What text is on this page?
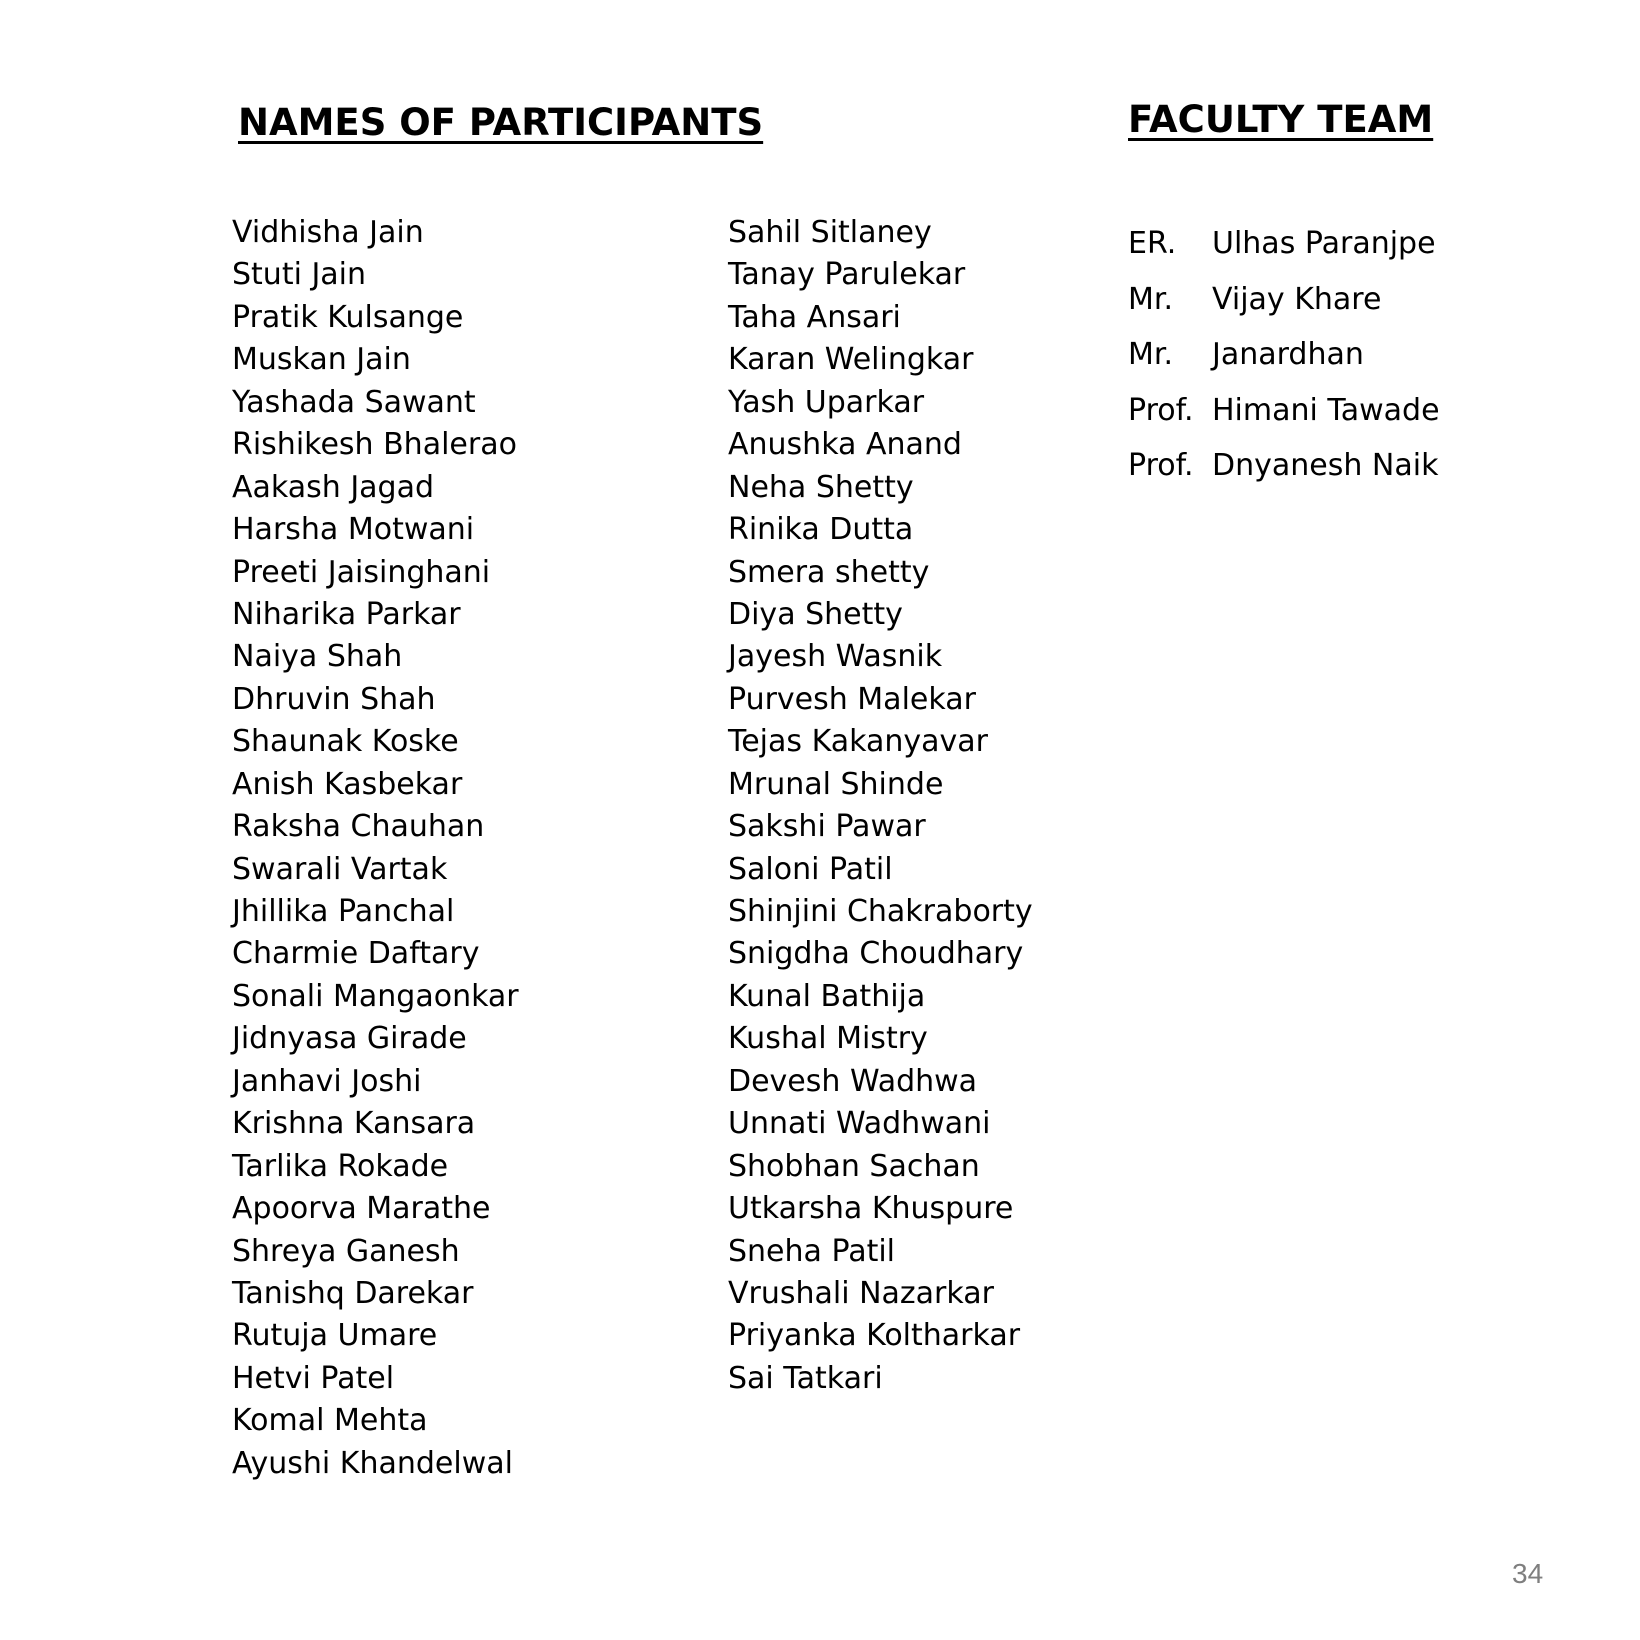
NAMES OF PARTICIPANTS	FACULTY TEAM
Vidhisha Jain
Stuti Jain
Pratik Kulsange
Muskan Jain
Yashada Sawant
Rishikesh Bhalerao
Aakash Jagad
Harsha Motwani
Preeti Jaisinghani
Niharika Parkar
Naiya Shah
Dhruvin Shah
Shaunak Koske
Anish Kasbekar
Raksha Chauhan
Swarali Vartak
Jhillika Panchal
Charmie Daftary
Sonali Mangaonkar
Jidnyasa Girade
Janhavi Joshi
Krishna Kansara
Tarlika Rokade
Apoorva Marathe
Shreya Ganesh
Tanishq Darekar
Rutuja Umare
Hetvi Patel
Komal Mehta
Ayushi Khandelwal
Sahil Sitlaney
Tanay Parulekar
Taha Ansari
Karan Welingkar
Yash Uparkar
Anushka Anand
Neha Shetty
Rinika Dutta
Smera shetty
Diya Shetty
Jayesh Wasnik
Purvesh Malekar
Tejas Kakanyavar
Mrunal Shinde
Sakshi Pawar
Saloni Patil
Shinjini Chakraborty
Snigdha Choudhary
Kunal Bathija
Kushal Mistry
Devesh Wadhwa
Unnati Wadhwani
Shobhan Sachan
Utkarsha Khuspure
Sneha Patil
Vrushali Nazarkar
Priyanka Koltharkar
Sai Tatkari
ER. Ulhas Paranjpe
Mr. Vijay Khare
Mr. Janardhan
Prof. Himani Tawade
Prof. Dnyanesh Naik
34
